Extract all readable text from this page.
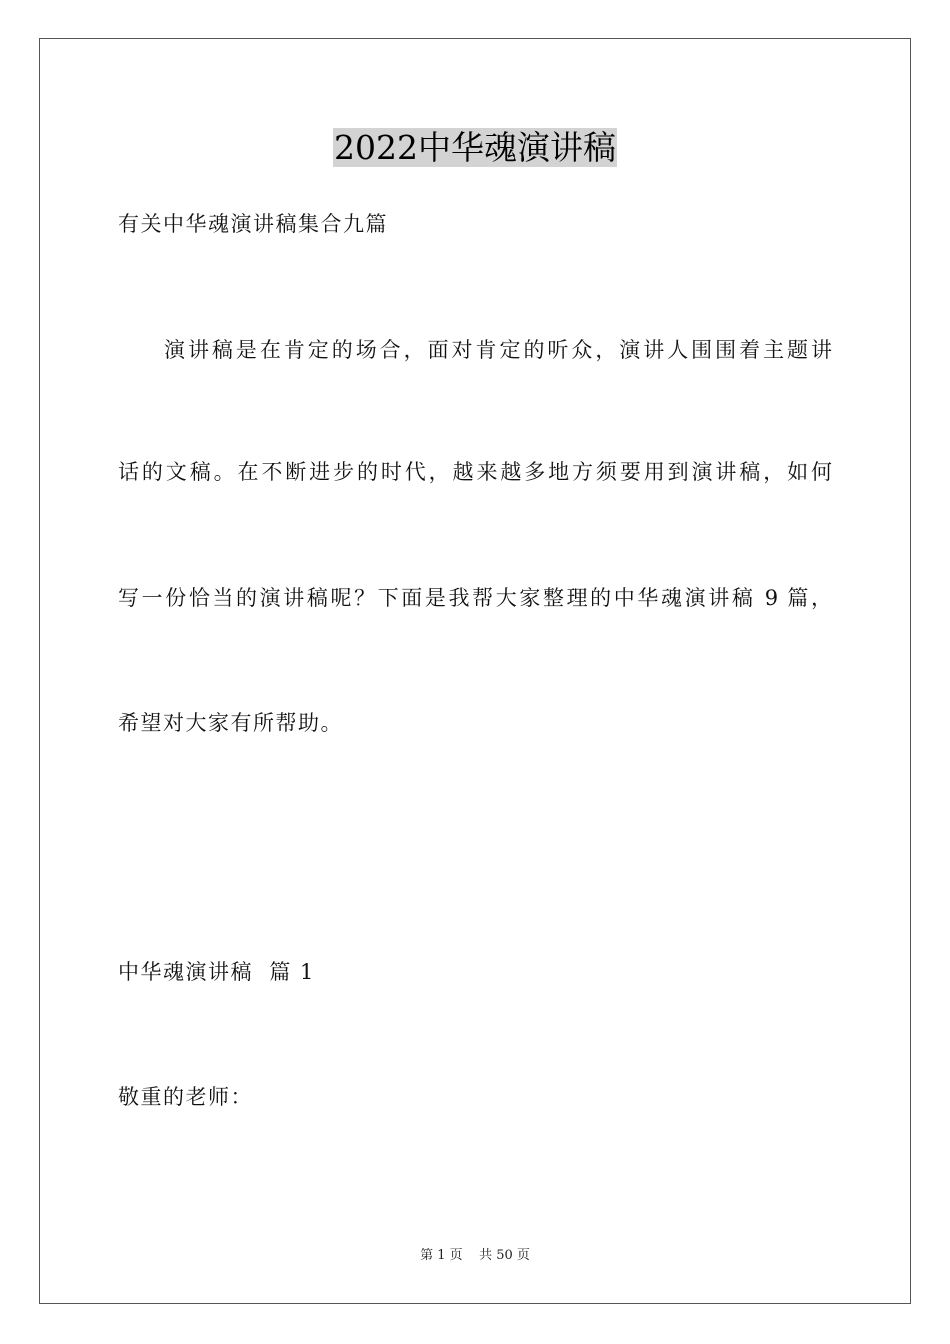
2022中华魂演讲稿
有关中华魂演讲稿集合九篇
演讲稿是在肯定的场合，面对肯定的听众，演讲人围围着主题讲
话的文稿。在不断进步的时代，越来越多地方须要用到演讲稿，如何
写一份恰当的演讲稿呢？下面是我帮大家整理的中华魂演讲稿 9 篇，
希望对大家有所帮助。
中华魂演讲稿  篇 1
敬重的老师：
第 1 页    共 50 页
